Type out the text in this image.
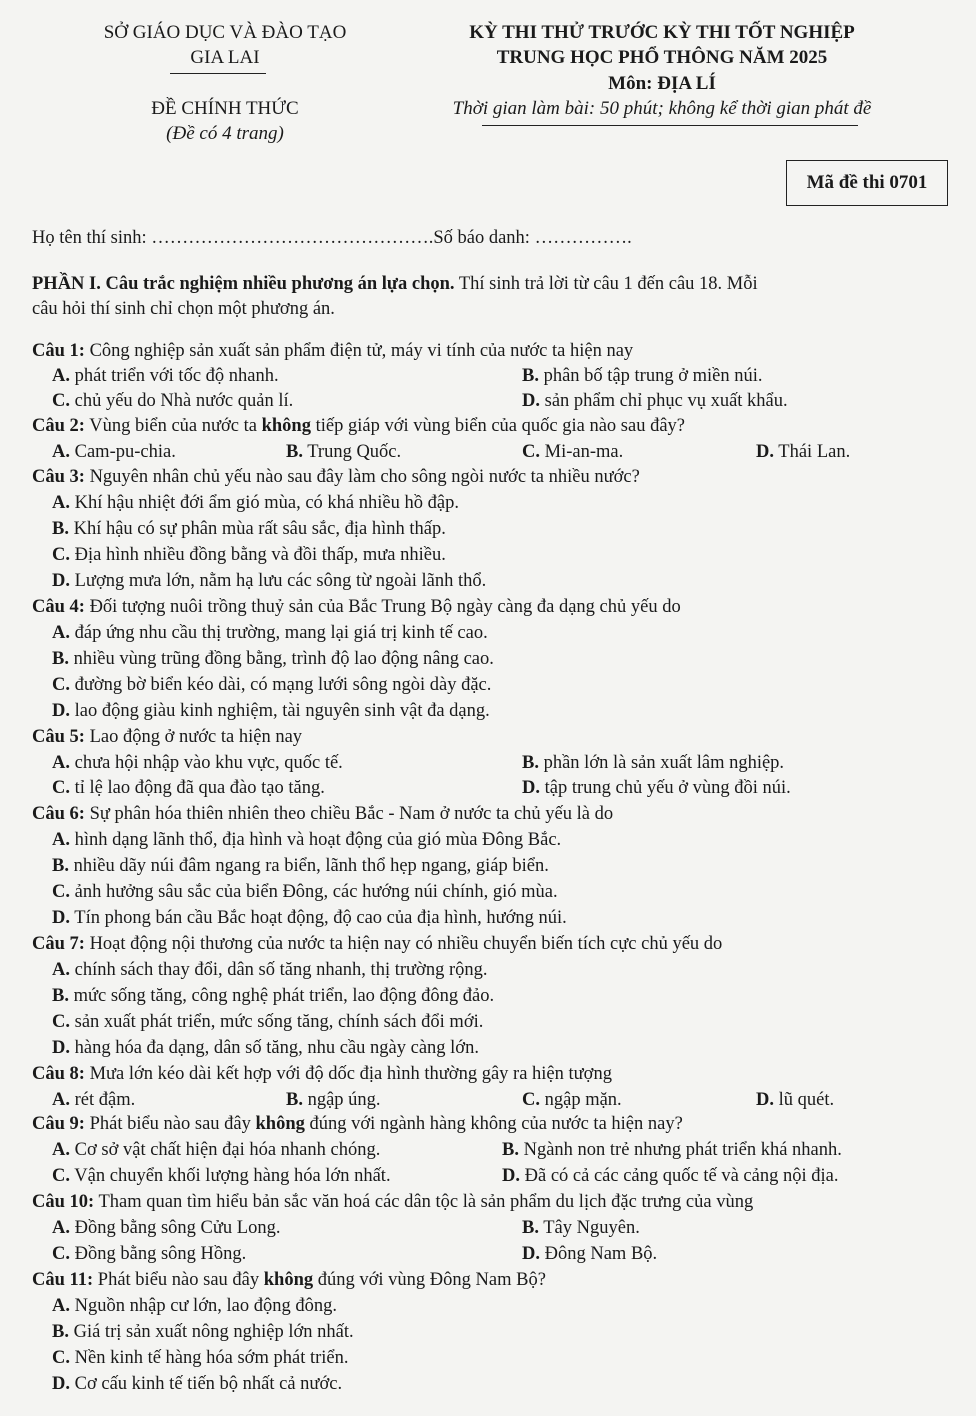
SỞ GIÁO DỤC VÀ ĐÀO TẠO
GIA LAI
ĐỀ CHÍNH THỨC
(Đề có 4 trang)
KỲ THI THỬ TRƯỚC KỲ THI TỐT NGHIỆP
TRUNG HỌC PHỔ THÔNG NĂM 2025
Môn: ĐỊA LÍ
Thời gian làm bài: 50 phút; không kể thời gian phát đề
Mã đề thi 0701
Họ tên thí sinh: ……………………………………….Số báo danh: …………….
PHẦN I. Câu trắc nghiệm nhiều phương án lựa chọn. Thí sinh trả lời từ câu 1 đến câu 18. Mỗi
câu hỏi thí sinh chỉ chọn một phương án.
Câu 1: Công nghiệp sản xuất sản phẩm điện tử, máy vi tính của nước ta hiện nay
A. phát triển với tốc độ nhanh.	B. phân bố tập trung ở miền núi.
C. chủ yếu do Nhà nước quản lí.	D. sản phẩm chỉ phục vụ xuất khẩu.
Câu 2: Vùng biển của nước ta không tiếp giáp với vùng biển của quốc gia nào sau đây?
A. Cam-pu-chia.	B. Trung Quốc.	C. Mi-an-ma.	D. Thái Lan.
Câu 3: Nguyên nhân chủ yếu nào sau đây làm cho sông ngòi nước ta nhiều nước?
A. Khí hậu nhiệt đới ẩm gió mùa, có khá nhiều hồ đập.
B. Khí hậu có sự phân mùa rất sâu sắc, địa hình thấp.
C. Địa hình nhiều đồng bằng và đồi thấp, mưa nhiều.
D. Lượng mưa lớn, nằm hạ lưu các sông từ ngoài lãnh thổ.
Câu 4: Đối tượng nuôi trồng thuỷ sản của Bắc Trung Bộ ngày càng đa dạng chủ yếu do
A. đáp ứng nhu cầu thị trường, mang lại giá trị kinh tế cao.
B. nhiều vùng trũng đồng bằng, trình độ lao động nâng cao.
C. đường bờ biển kéo dài, có mạng lưới sông ngòi dày đặc.
D. lao động giàu kinh nghiệm, tài nguyên sinh vật đa dạng.
Câu 5: Lao động ở nước ta hiện nay
A. chưa hội nhập vào khu vực, quốc tế.	B. phần lớn là sản xuất lâm nghiệp.
C. tỉ lệ lao động đã qua đào tạo tăng.	D. tập trung chủ yếu ở vùng đồi núi.
Câu 6: Sự phân hóa thiên nhiên theo chiều Bắc - Nam ở nước ta chủ yếu là do
A. hình dạng lãnh thổ, địa hình và hoạt động của gió mùa Đông Bắc.
B. nhiều dãy núi đâm ngang ra biển, lãnh thổ hẹp ngang, giáp biển.
C. ảnh hưởng sâu sắc của biển Đông, các hướng núi chính, gió mùa.
D. Tín phong bán cầu Bắc hoạt động, độ cao của địa hình, hướng núi.
Câu 7: Hoạt động nội thương của nước ta hiện nay có nhiều chuyển biến tích cực chủ yếu do
A. chính sách thay đổi, dân số tăng nhanh, thị trường rộng.
B. mức sống tăng, công nghệ phát triển, lao động đông đảo.
C. sản xuất phát triển, mức sống tăng, chính sách đổi mới.
D. hàng hóa đa dạng, dân số tăng, nhu cầu ngày càng lớn.
Câu 8: Mưa lớn kéo dài kết hợp với độ dốc địa hình thường gây ra hiện tượng
A. rét đậm.	B. ngập úng.	C. ngập mặn.	D. lũ quét.
Câu 9: Phát biểu nào sau đây không đúng với ngành hàng không của nước ta hiện nay?
A. Cơ sở vật chất hiện đại hóa nhanh chóng.	B. Ngành non trẻ nhưng phát triển khá nhanh.
C. Vận chuyển khối lượng hàng hóa lớn nhất.	D. Đã có cả các cảng quốc tế và cảng nội địa.
Câu 10: Tham quan tìm hiểu bản sắc văn hoá các dân tộc là sản phẩm du lịch đặc trưng của vùng
A. Đồng bằng sông Cửu Long.	B. Tây Nguyên.
C. Đồng bằng sông Hồng.	D. Đông Nam Bộ.
Câu 11: Phát biểu nào sau đây không đúng với vùng Đông Nam Bộ?
A. Nguồn nhập cư lớn, lao động đông.
B. Giá trị sản xuất nông nghiệp lớn nhất.
C. Nền kinh tế hàng hóa sớm phát triển.
D. Cơ cấu kinh tế tiến bộ nhất cả nước.
